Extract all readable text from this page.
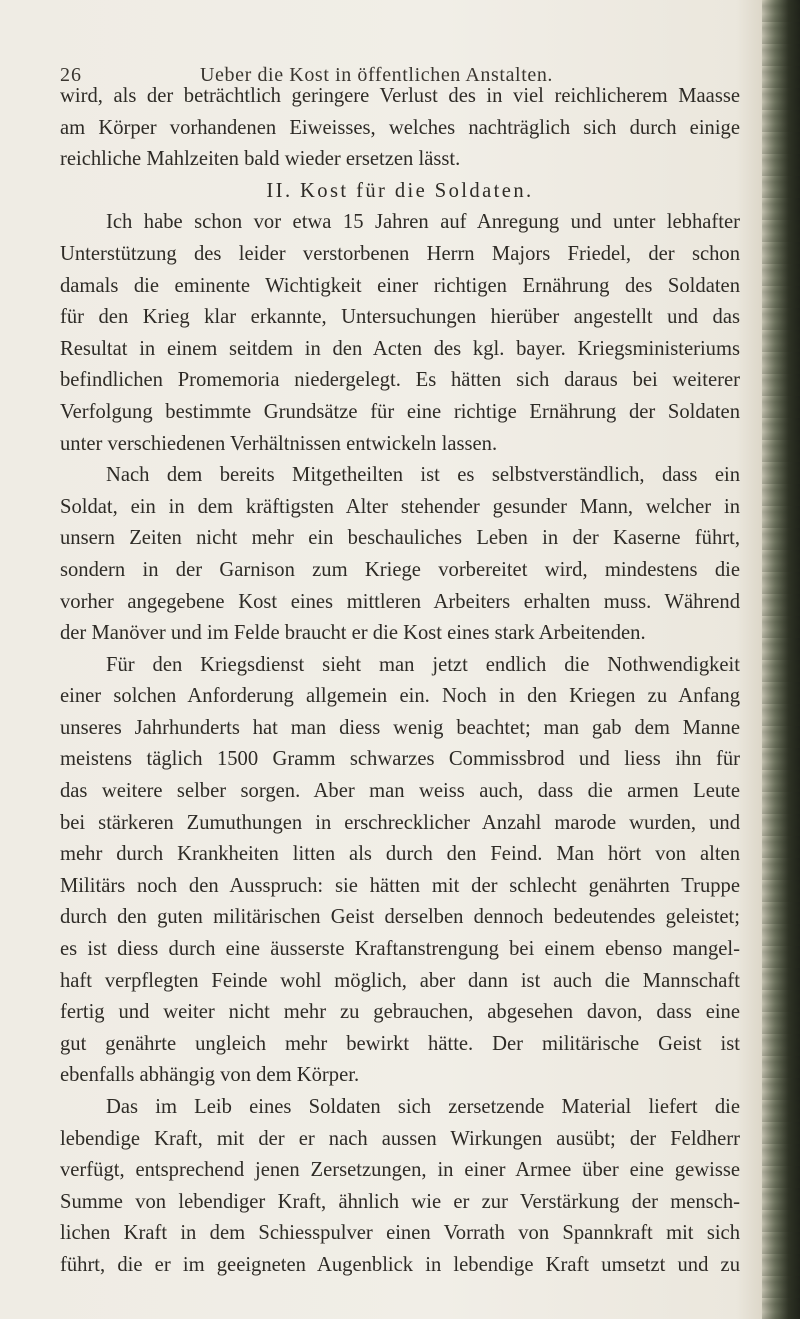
26	Ueber die Kost in öffentlichen Anstalten.
wird, als der beträchtlich geringere Verlust des in viel reichlicherem Maasse
am Körper vorhandenen Eiweisses, welches nachträglich sich durch einige
reichliche Mahlzeiten bald wieder ersetzen lässt.
II. Kost für die Soldaten.
Ich habe schon vor etwa 15 Jahren auf Anregung und unter lebhafter
Unterstützung des leider verstorbenen Herrn Majors Friedel, der schon
damals die eminente Wichtigkeit einer richtigen Ernährung des Soldaten
für den Krieg klar erkannte, Untersuchungen hierüber angestellt und das
Resultat in einem seitdem in den Acten des kgl. bayer. Kriegsministeriums
befindlichen Promemoria niedergelegt. Es hätten sich daraus bei weiterer
Verfolgung bestimmte Grundsätze für eine richtige Ernährung der Soldaten
unter verschiedenen Verhältnissen entwickeln lassen.
Nach dem bereits Mitgetheilten ist es selbstverständlich, dass ein
Soldat, ein in dem kräftigsten Alter stehender gesunder Mann, welcher in
unsern Zeiten nicht mehr ein beschauliches Leben in der Kaserne führt,
sondern in der Garnison zum Kriege vorbereitet wird, mindestens die
vorher angegebene Kost eines mittleren Arbeiters erhalten muss. Während
der Manöver und im Felde braucht er die Kost eines stark Arbeitenden.
Für den Kriegsdienst sieht man jetzt endlich die Nothwendigkeit
einer solchen Anforderung allgemein ein. Noch in den Kriegen zu Anfang
unseres Jahrhunderts hat man diess wenig beachtet; man gab dem Manne
meistens täglich 1500 Gramm schwarzes Commissbrod und liess ihn für
das weitere selber sorgen. Aber man weiss auch, dass die armen Leute
bei stärkeren Zumuthungen in erschrecklicher Anzahl marode wurden, und
mehr durch Krankheiten litten als durch den Feind. Man hört von alten
Militärs noch den Ausspruch: sie hätten mit der schlecht genährten Truppe
durch den guten militärischen Geist derselben dennoch bedeutendes geleistet;
es ist diess durch eine äusserste Kraftanstrengung bei einem ebenso mangel-
haft verpflegten Feinde wohl möglich, aber dann ist auch die Mannschaft
fertig und weiter nicht mehr zu gebrauchen, abgesehen davon, dass eine
gut genährte ungleich mehr bewirkt hätte. Der militärische Geist ist
ebenfalls abhängig von dem Körper.
Das im Leib eines Soldaten sich zersetzende Material liefert die
lebendige Kraft, mit der er nach aussen Wirkungen ausübt; der Feldherr
verfügt, entsprechend jenen Zersetzungen, in einer Armee über eine gewisse
Summe von lebendiger Kraft, ähnlich wie er zur Verstärkung der mensch-
lichen Kraft in dem Schiesspulver einen Vorrath von Spannkraft mit sich
führt, die er im geeigneten Augenblick in lebendige Kraft umsetzt und zu
